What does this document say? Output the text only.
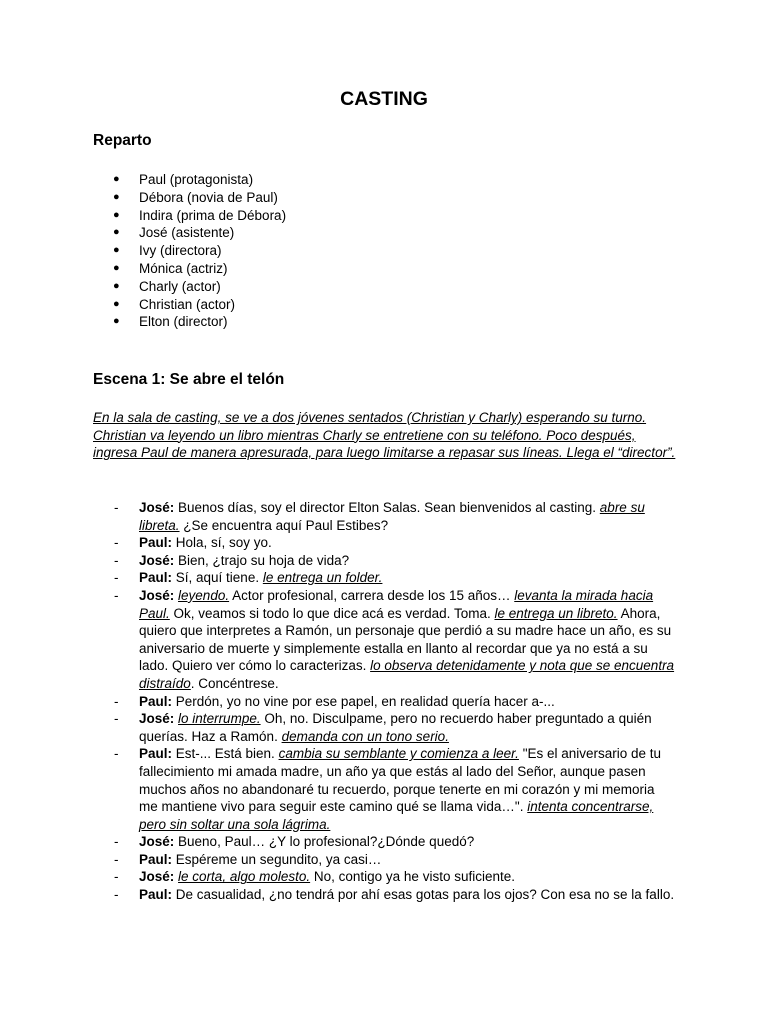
CASTING
Reparto
● Paul (protagonista)
● Débora (novia de Paul)
● Indira (prima de Débora)
● José (asistente)
● Ivy (directora)
● Mónica (actriz)
● Charly (actor)
● Christian (actor)
● Elton (director)
Escena 1: Se abre el telón
En la sala de casting, se ve a dos jóvenes sentados (Christian y Charly) esperando su turno. Christian va leyendo un libro mientras Charly se entretiene con su teléfono. Poco después, ingresa Paul de manera apresurada, para luego limitarse a repasar sus líneas. Llega el “director”.
- José: Buenos días, soy el director Elton Salas. Sean bienvenidos al casting. abre su libreta. ¿Se encuentra aquí Paul Estibes?
- Paul: Hola, sí, soy yo.
- José: Bien, ¿trajo su hoja de vida?
- Paul: Sí, aquí tiene. le entrega un folder.
- José: leyendo. Actor profesional, carrera desde los 15 años… levanta la mirada hacia Paul. Ok, veamos si todo lo que dice acá es verdad. Toma. le entrega un libreto. Ahora, quiero que interpretes a Ramón, un personaje que perdió a su madre hace un año, es su aniversario de muerte y simplemente estalla en llanto al recordar que ya no está a su lado. Quiero ver cómo lo caracterizas. lo observa detenidamente y nota que se encuentra distraído. Concéntrese.
- Paul: Perdón, yo no vine por ese papel, en realidad quería hacer a-...
- José: lo interrumpe. Oh, no. Disculpame, pero no recuerdo haber preguntado a quién querías. Haz a Ramón. demanda con un tono serio.
- Paul: Est-... Está bien. cambia su semblante y comienza a leer. "Es el aniversario de tu fallecimiento mi amada madre, un año ya que estás al lado del Señor, aunque pasen muchos años no abandonaré tu recuerdo, porque tenerte en mi corazón y mi memoria me mantiene vivo para seguir este camino qué se llama vida…". intenta concentrarse, pero sin soltar una sola lágrima.
- José: Bueno, Paul… ¿Y lo profesional?¿Dónde quedó?
- Paul: Espéreme un segundito, ya casi…
- José: le corta, algo molesto. No, contigo ya he visto suficiente.
- Paul: De casualidad, ¿no tendrá por ahí esas gotas para los ojos? Con esa no se la fallo.
